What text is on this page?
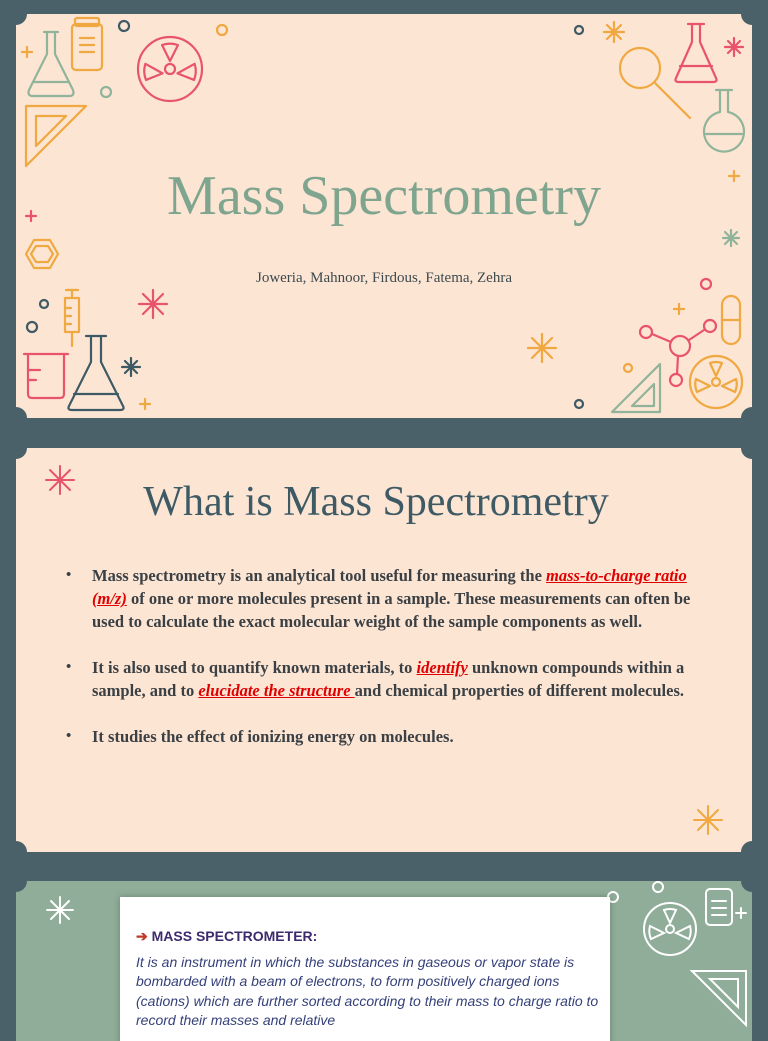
Mass Spectrometry
Joweria, Mahnoor, Firdous, Fatema, Zehra
What is Mass Spectrometry
• Mass spectrometry is an analytical tool useful for measuring the mass-to-charge ratio (m/z) of one or more molecules present in a sample. These measurements can often be used to calculate the exact molecular weight of the sample components as well.
• It is also used to quantify known materials, to identify unknown compounds within a sample, and to elucidate the structure and chemical properties of different molecules.
• It studies the effect of ionizing energy on molecules.
➔ MASS SPECTROMETER:
It is an instrument in which the substances in gaseous or vapor state is bombarded with a beam of electrons, to form positively charged ions (cations) which are further sorted according to their mass to charge ratio to record their masses and relative
